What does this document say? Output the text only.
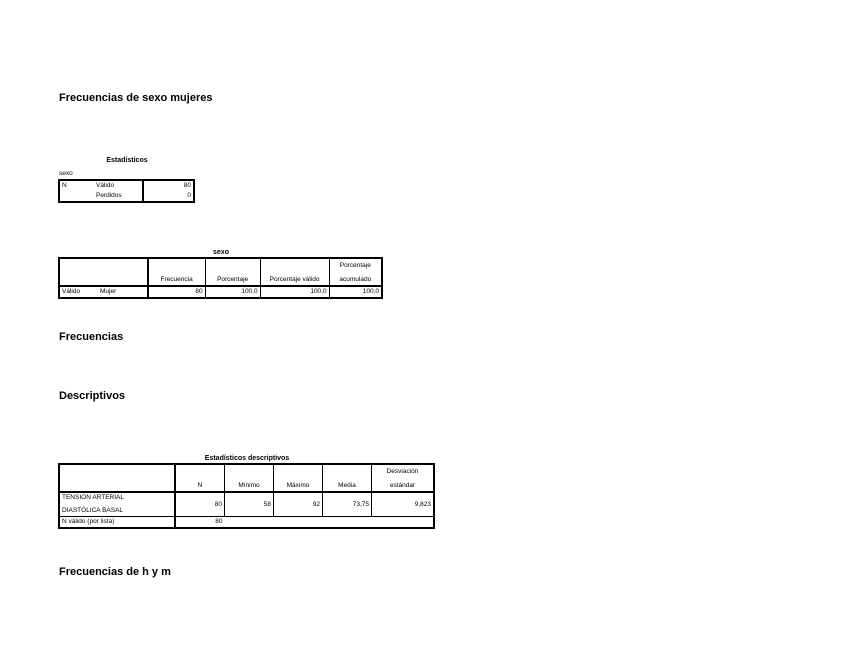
Frecuencias de sexo mujeres
Estadísticos
sexo
N	Válido	80
	Perdidos	0
sexo
		Frecuencia	Porcentaje	Porcentaje válido	Porcentaje
acumulado

Válido	Mujer	80	100,0	100,0	100,0
Frecuencias
Descriptivos
Estadísticos descriptivos
	N	Mínimo	Máximo	Media	Desviación
estándar

TENSION ARTERIAL
DIASTÓLICA BASAL	80	58	92	73,75	9,823
N válido (por lista)	80				
Frecuencias de h y m
